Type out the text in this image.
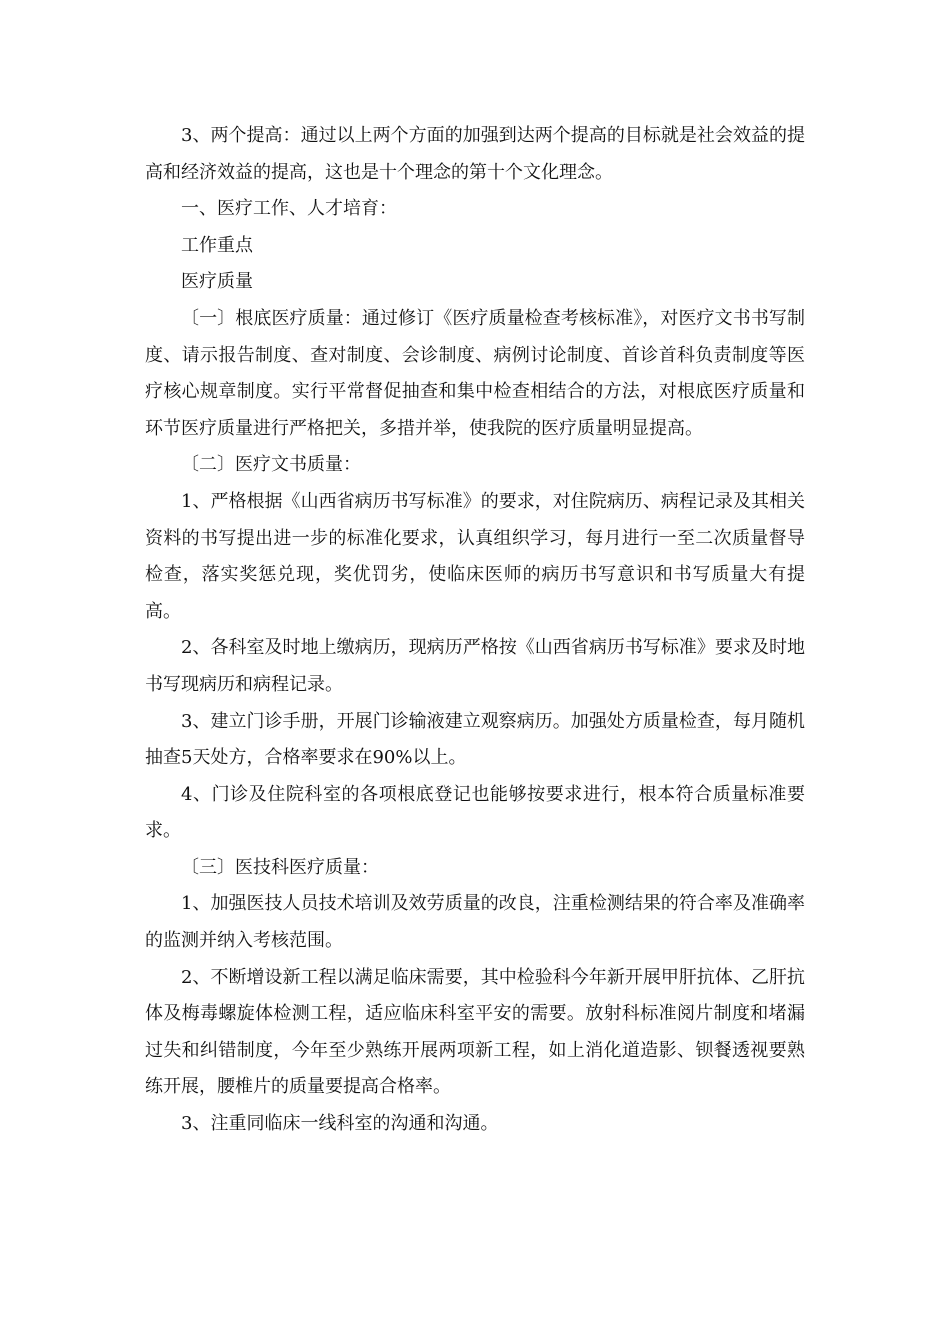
3、两个提高：通过以上两个方面的加强到达两个提高的目标就是社会效益的提高和经济效益的提高，这也是十个理念的第十个文化理念。

一、医疗工作、人才培育：

工作重点

医疗质量

〔一〕根底医疗质量：通过修订《医疗质量检查考核标准》，对医疗文书书写制度、请示报告制度、查对制度、会诊制度、病例讨论制度、首诊首科负责制度等医疗核心规章制度。实行平常督促抽查和集中检查相结合的方法，对根底医疗质量和环节医疗质量进行严格把关，多措并举，使我院的医疗质量明显提高。

〔二〕医疗文书质量：

1、严格根据《山西省病历书写标准》的要求，对住院病历、病程记录及其相关资料的书写提出进一步的标准化要求，认真组织学习，每月进行一至二次质量督导检查，落实奖惩兑现，奖优罚劣，使临床医师的病历书写意识和书写质量大有提高。

2、各科室及时地上缴病历，现病历严格按《山西省病历书写标准》要求及时地书写现病历和病程记录。

3、建立门诊手册，开展门诊输液建立观察病历。加强处方质量检查，每月随机抽查5天处方，合格率要求在90%以上。

4、门诊及住院科室的各项根底登记也能够按要求进行，根本符合质量标准要求。

〔三〕医技科医疗质量：

1、加强医技人员技术培训及效劳质量的改良，注重检测结果的符合率及准确率的监测并纳入考核范围。

2、不断增设新工程以满足临床需要，其中检验科今年新开展甲肝抗体、乙肝抗体及梅毒螺旋体检测工程，适应临床科室平安的需要。放射科标准阅片制度和堵漏过失和纠错制度，今年至少熟练开展两项新工程，如上消化道造影、钡餐透视要熟练开展，腰椎片的质量要提高合格率。

3、注重同临床一线科室的沟通和沟通。
